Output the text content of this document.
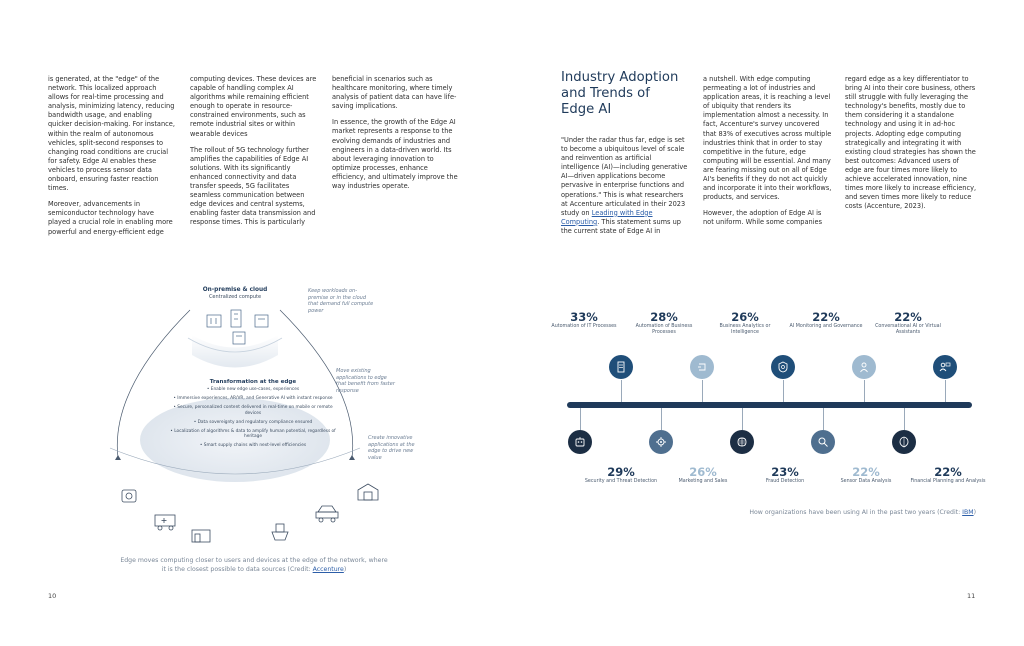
is generated, at the "edge" of the network. This localized approach allows for real-time processing and analysis, minimizing latency, reducing bandwidth usage, and enabling quicker decision-making. For instance, within the realm of autonomous vehicles, split-second responses to changing road conditions are crucial for safety. Edge AI enables these vehicles to process sensor data onboard, ensuring faster reaction times.

Moreover, advancements in semiconductor technology have played a crucial role in enabling more powerful and energy-efficient edge

computing devices. These devices are capable of handling complex AI algorithms while remaining efficient enough to operate in resource-constrained environments, such as remote industrial sites or within wearable devices

The rollout of 5G technology further amplifies the capabilities of Edge AI solutions. With its significantly enhanced connectivity and data transfer speeds, 5G facilitates seamless communication between edge devices and central systems, enabling faster data transmission and response times. This is particularly

beneficial in scenarios such as healthcare monitoring, where timely analysis of patient data can have life-saving implications.

In essence, the growth of the Edge AI market represents a response to the evolving demands of industries and engineers in a data-driven world. Its about leveraging innovation to optimize processes, enhance efficiency, and ultimately improve the way industries operate.

On-premise & cloud
Centralized compute
Keep workloads on-premise or in the cloud that demand full compute power
Move existing applications to edge that benefit from faster response
Create innovative applications at the edge to drive new value
Transformation at the edge
• Enable new edge use-cases, experiences
• Immersive experiences, AR/VR, and Generative AI with instant response
• Secure, personalized content delivered in real-time on mobile or remote devices
• Data sovereignty and regulatory compliance ensured
• Localization of algorithms & data to amplify human potential, regardless of heritage
• Smart supply chains with next-level efficiencies
Edge moves computing closer to users and devices at the edge of the network, where it is the closest possible to data sources (Credit: Accenture)
10
Industry Adoption and Trends of Edge AI

"Under the radar thus far, edge is set to become a ubiquitous level of scale and reinvention as artificial intelligence (AI)—including generative AI—driven applications become pervasive in enterprise functions and operations." This is what researchers at Accenture articulated in their 2023 study on Leading with Edge Computing. This statement sums up the current state of Edge AI in

a nutshell. With edge computing permeating a lot of industries and application areas, it is reaching a level of ubiquity that renders its implementation almost a necessity. In fact, Accenture's survey uncovered that 83% of executives across multiple industries think that in order to stay competitive in the future, edge computing will be essential. And many are fearing missing out on all of Edge AI's benefits if they do not act quickly and incorporate it into their workflows, products, and services.

However, the adoption of Edge AI is not uniform. While some companies

regard edge as a key differentiator to bring AI into their core business, others still struggle with fully leveraging the technology's benefits, mostly due to them considering it a standalone technology and using it in ad-hoc projects. Adopting edge computing strategically and integrating it with existing cloud strategies has shown the best outcomes: Advanced users of edge are four times more likely to achieve accelerated innovation, nine times more likely to increase efficiency, and seven times more likely to reduce costs (Accenture, 2023).

33%
Automation of IT Processes
28%
Automation of Business Processes
26%
Business Analytics or Intelligence
22%
AI Monitoring and Governance
22%
Conversational AI or Virtual Assistants
29%
Security and Threat Detection
26%
Marketing and Sales
23%
Fraud Detection
22%
Sensor Data Analysis
22%
Financial Planning and Analysis
How organizations have been using AI in the past two years (Credit: IBM)
11
